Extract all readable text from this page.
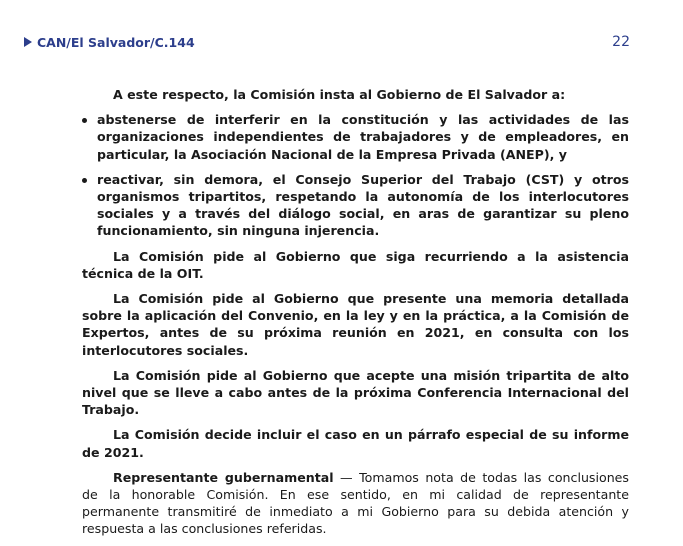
CAN/El Salvador/C.144	22

A este respecto, la Comisión insta al Gobierno de El Salvador a:

abstenerse de interferir en la constitución y las actividades de las organizaciones independientes de trabajadores y de empleadores, en particular, la Asociación Nacional de la Empresa Privada (ANEP), y
reactivar, sin demora, el Consejo Superior del Trabajo (CST) y otros organismos tripartitos, respetando la autonomía de los interlocutores sociales y a través del diálogo social, en aras de garantizar su pleno funcionamiento, sin ninguna injerencia.

La Comisión pide al Gobierno que siga recurriendo a la asistencia técnica de la OIT.

La Comisión pide al Gobierno que presente una memoria detallada sobre la aplicación del Convenio, en la ley y en la práctica, a la Comisión de Expertos, antes de su próxima reunión en 2021, en consulta con los interlocutores sociales.

La Comisión pide al Gobierno que acepte una misión tripartita de alto nivel que se lleve a cabo antes de la próxima Conferencia Internacional del Trabajo.

La Comisión decide incluir el caso en un párrafo especial de su informe de 2021.

Representante gubernamental — Tomamos nota de todas las conclusiones de la honorable Comisión. En ese sentido, en mi calidad de representante permanente transmitiré de inmediato a mi Gobierno para su debida atención y respuesta a las conclusiones referidas.
